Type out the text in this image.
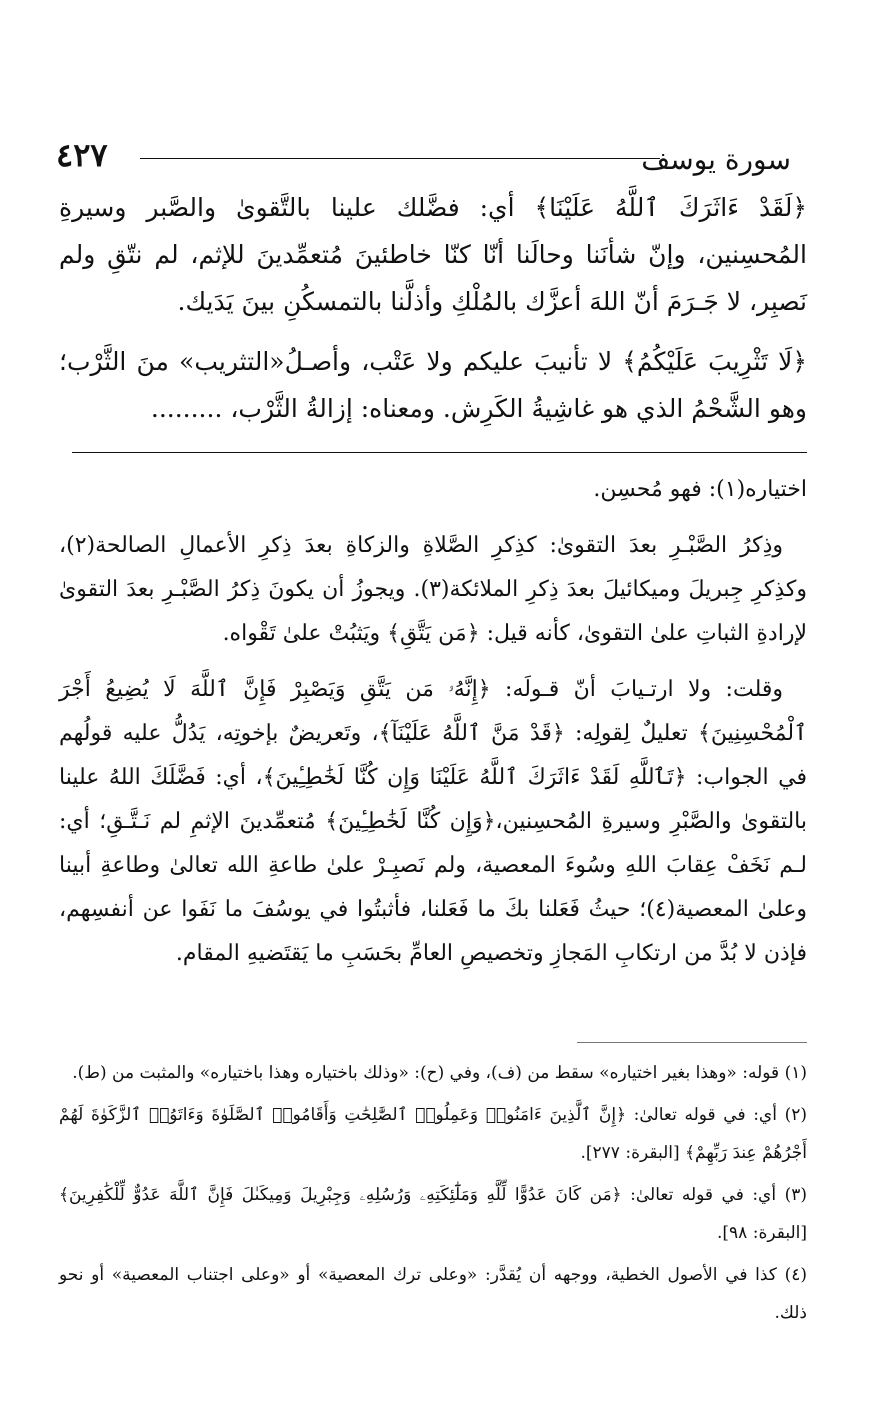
سورة يوسف
٤٢٧

﴿لَقَدْ ءَاثَرَكَ ٱللَّهُ عَلَيْنَا﴾ أي: فضَّلك علينا بالتَّقوىٰ والصَّبر وسيرةِ المُحسِنين، وإنّ شأنَنا وحالَنا أنّا كنّا خاطئينَ مُتعمِّدينَ للإثم، لم نتّقِ ولم نَصبِر، لا جَـرَمَ أنّ اللهَ أعزَّك بالمُلْكِ وأذلَّنا بالتمسكُنِ بينَ يَدَيك.

﴿لَا تَثْرِيبَ عَلَيْكُمُ﴾ لا تأنيبَ عليكم ولا عَتْب، وأصـلُ«التثريب» منَ الثَّرْب؛ وهو الشَّحْمُ الذي هو غاشِيةُ الكَرِش. ومعناه: إزالةُ الثَّرْب، .........

اختياره(١): فهو مُحسِن.

وذِكرُ الصَّبْـرِ بعدَ التقوىٰ: كذِكرِ الصَّلاةِ والزكاةِ بعدَ ذِكرِ الأعمالِ الصالحة(٢)، وكذِكرِ جِبريلَ وميكائيلَ بعدَ ذِكرِ الملائكة(٣). ويجوزُ أن يكونَ ذِكرُ الصَّبْـرِ بعدَ التقوىٰ لإرادةِ الثباتِ علىٰ التقوىٰ، كأنه قيل: ﴿مَن يَتَّقِ﴾ ويَثبُتْ علىٰ تَقْواه.

وقلت: ولا ارتـيابَ أنّ قـولَه: ﴿إِنَّهُۥ مَن يَتَّقِ وَيَصْبِرْ فَإِنَّ ٱللَّهَ لَا يُضِيعُ أَجْرَ ٱلْمُحْسِنِينَ﴾ تعليلٌ لِقولِه: ﴿قَدْ مَنَّ ٱللَّهُ عَلَيْنَآ﴾، وتَعريضٌ بإخوتِه، يَدُلُّ عليه قولُهم في الجواب: ﴿تَٱللَّهِ لَقَدْ ءَاثَرَكَ ٱللَّهُ عَلَيْنَا وَإِن كُنَّا لَخَٰطِـِٔينَ﴾، أي: فَضَّلَكَ اللهُ علينا بالتقوىٰ والصَّبْرِ وسيرةِ المُحسِنين،﴿وَإِن كُنَّا لَخَٰطِـِٔينَ﴾ مُتعمِّدينَ الإثمِ لم نَـتَّـقِ؛ أي: لـم نَخَفْ عِقابَ اللهِ وسُوءَ المعصية، ولم نَصبِـرْ علىٰ طاعةِ الله تعالىٰ وطاعةِ أبينا وعلىٰ المعصية(٤)؛ حيثُ فَعَلنا بكَ ما فَعَلنا، فأثبتُوا في يوسُفَ ما نَفَوا عن أنفسِهم، فإذن لا بُدَّ من ارتكابِ المَجازِ وتخصيصِ العامِّ بحَسَبِ ما يَقتَضيهِ المقام.

(١) قوله: «وهذا بغير اختياره» سقط من (ف)، وفي (ح): «وذلك باختياره وهذا باختياره» والمثبت من (ط).

(٢) أي: في قوله تعالىٰ: ﴿إِنَّ ٱلَّذِينَ ءَامَنُوا۟ وَعَمِلُوا۟ ٱلصَّٰلِحَٰتِ وَأَقَامُوا۟ ٱلصَّلَوٰةَ وَءَاتَوُا۟ ٱلزَّكَوٰةَ لَهُمْ أَجْرُهُمْ عِندَ رَبِّهِمْ﴾ [البقرة: ٢٧٧].

(٣) أي: في قوله تعالىٰ: ﴿مَن كَانَ عَدُوًّا لِّلَّهِ وَمَلَٰٓئِكَتِهِۦ وَرُسُلِهِۦ وَجِبْرِيلَ وَمِيكَىٰلَ فَإِنَّ ٱللَّهَ عَدُوٌّ لِّلْكَٰفِرِينَ﴾ [البقرة: ٩٨].

(٤) كذا في الأصول الخطية، ووجهه أن يُقدَّر: «وعلى ترك المعصية» أو «وعلى اجتناب المعصية» أو نحو ذلك.
